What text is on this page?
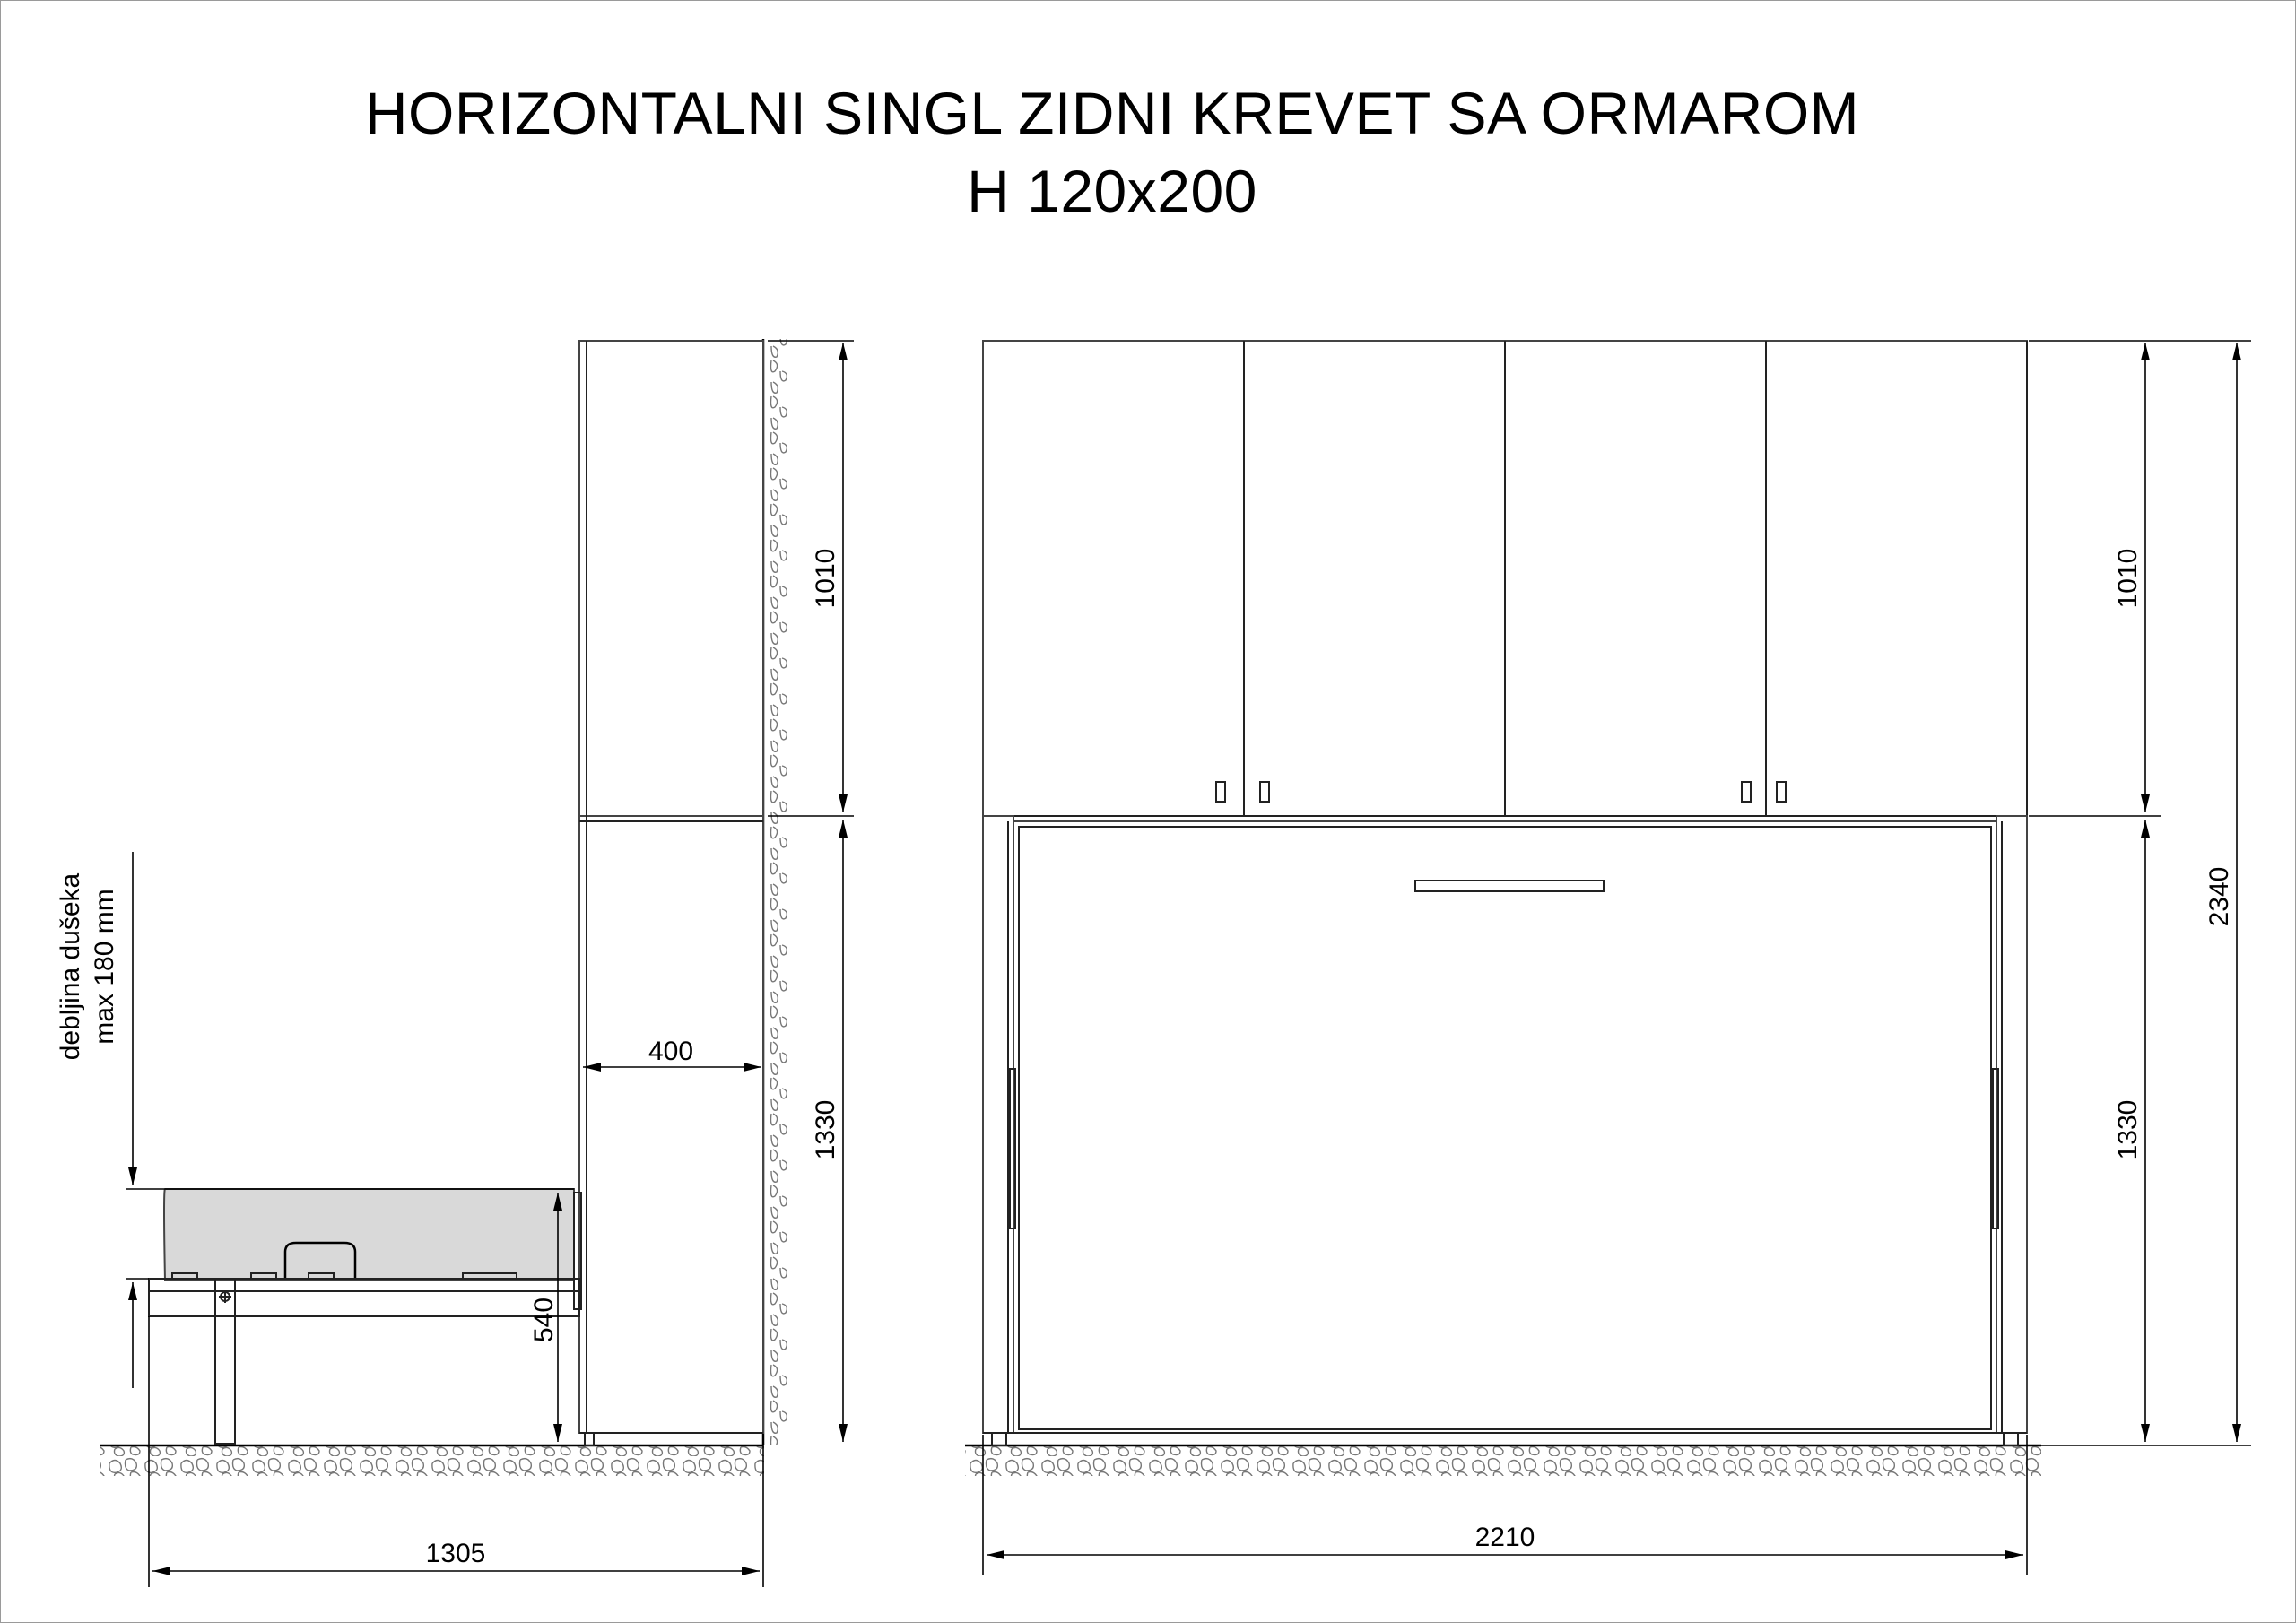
HORIZONTALNI SINGL ZIDNI KREVET SA ORMAROM
H 120x200
1010
1330
400
540
1305
debljina dušeka max 180 mm
1010
1330
2340
2210
